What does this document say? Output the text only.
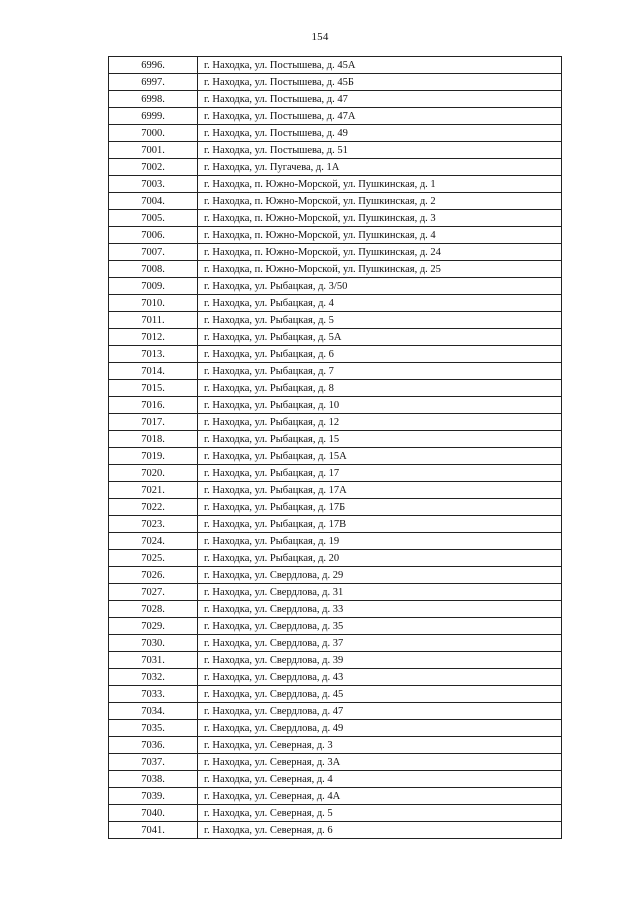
154
6996.	г. Находка, ул. Постышева, д. 45А
6997.	г. Находка, ул. Постышева, д. 45Б
6998.	г. Находка, ул. Постышева, д. 47
6999.	г. Находка, ул. Постышева, д. 47А
7000.	г. Находка, ул. Постышева, д. 49
7001.	г. Находка, ул. Постышева, д. 51
7002.	г. Находка, ул. Пугачева, д. 1А
7003.	г. Находка, п. Южно-Морской, ул. Пушкинская, д. 1
7004.	г. Находка, п. Южно-Морской, ул. Пушкинская, д. 2
7005.	г. Находка, п. Южно-Морской, ул. Пушкинская, д. 3
7006.	г. Находка, п. Южно-Морской, ул. Пушкинская, д. 4
7007.	г. Находка, п. Южно-Морской, ул. Пушкинская, д. 24
7008.	г. Находка, п. Южно-Морской, ул. Пушкинская, д. 25
7009.	г. Находка, ул. Рыбацкая, д. 3/50
7010.	г. Находка, ул. Рыбацкая, д. 4
7011.	г. Находка, ул. Рыбацкая, д. 5
7012.	г. Находка, ул. Рыбацкая, д. 5А
7013.	г. Находка, ул. Рыбацкая, д. 6
7014.	г. Находка, ул. Рыбацкая, д. 7
7015.	г. Находка, ул. Рыбацкая, д. 8
7016.	г. Находка, ул. Рыбацкая, д. 10
7017.	г. Находка, ул. Рыбацкая, д. 12
7018.	г. Находка, ул. Рыбацкая, д. 15
7019.	г. Находка, ул. Рыбацкая, д. 15А
7020.	г. Находка, ул. Рыбацкая, д. 17
7021.	г. Находка, ул. Рыбацкая, д. 17А
7022.	г. Находка, ул. Рыбацкая, д. 17Б
7023.	г. Находка, ул. Рыбацкая, д. 17В
7024.	г. Находка, ул. Рыбацкая, д. 19
7025.	г. Находка, ул. Рыбацкая, д. 20
7026.	г. Находка, ул. Свердлова, д. 29
7027.	г. Находка, ул. Свердлова, д. 31
7028.	г. Находка, ул. Свердлова, д. 33
7029.	г. Находка, ул. Свердлова, д. 35
7030.	г. Находка, ул. Свердлова, д. 37
7031.	г. Находка, ул. Свердлова, д. 39
7032.	г. Находка, ул. Свердлова, д. 43
7033.	г. Находка, ул. Свердлова, д. 45
7034.	г. Находка, ул. Свердлова, д. 47
7035.	г. Находка, ул. Свердлова, д. 49
7036.	г. Находка, ул. Северная, д. 3
7037.	г. Находка, ул. Северная, д. 3А
7038.	г. Находка, ул. Северная, д. 4
7039.	г. Находка, ул. Северная, д. 4А
7040.	г. Находка, ул. Северная, д. 5
7041.	г. Находка, ул. Северная, д. 6
